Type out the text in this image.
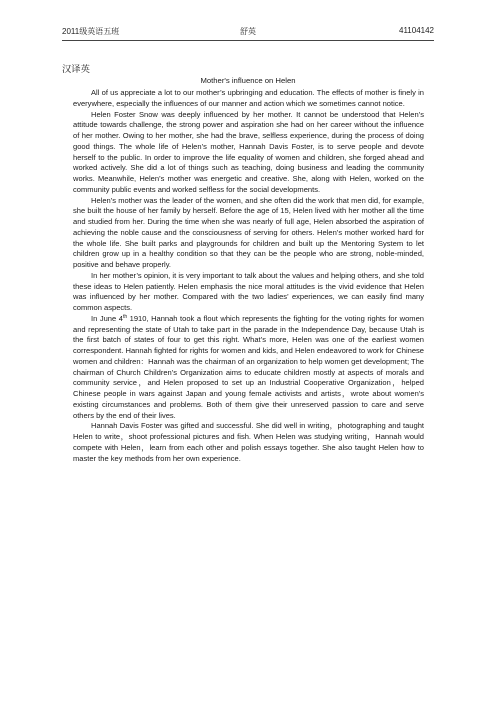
2011级英语五班	舒英	41104142
汉译英
Mother's influence on Helen

All of us appreciate a lot to our mother’s upbringing and education. The effects of mother is finely in everywhere, especially the influences of our manner and action which we sometimes cannot notice.

Helen Foster Snow was deeply influenced by her mother. It cannot be understood that Helen’s attitude towards challenge, the strong power and aspiration she had on her career without the influence of her mother. Owing to her mother, she had the brave, selfless experience, during the process of doing good things. The whole life of Helen’s mother, Hannah Davis Foster, is to serve people and devote herself to the public. In order to improve the life equality of women and children, she forged ahead and worked actively. She did a lot of things such as teaching, doing business and leading the community works. Meanwhile, Helen’s mother was energetic and creative. She, along with Helen, worked on the community public events and worked selfless for the social developments.

Helen’s mother was the leader of the women, and she often did the work that men did, for example, she built the house of her family by herself. Before the age of 15, Helen lived with her mother all the time and studied from her. During the time when she was nearly of full age, Helen absorbed the aspiration of achieving the noble cause and the consciousness of serving for others. Helen’s mother worked hard for the whole life. She built parks and playgrounds for children and built up the Mentoring System to let children grow up in a healthy condition so that they can be the people who are strong, noble-minded, positive and behave properly.

In her mother’s opinion, it is very important to talk about the values and helping others, and she told these ideas to Helen patiently. Helen emphasis the nice moral attitudes is the vivid evidence that Helen was influenced by her mother. Compared with the two ladies’ experiences, we can easily find many common aspects.

In June 4th 1910, Hannah took a flout which represents the fighting for the voting rights for women and representing the state of Utah to take part in the parade in the Independence Day, because Utah is the first batch of states of four to get this right. What’s more, Helen was one of the earliest women correspondent. Hannah fighted for rights for women and kids, and Helen endeavored to work for Chinese women and children：Hannah was the chairman of an organization to help women get development; The chairman of Church Children’s Organization aims to educate children mostly at aspects of morals and community service，and Helen proposed to set up an Industrial Cooperative Organization，helped Chinese people in wars against Japan and young female activists and artists，wrote about women's existing circumstances and problems. Both of them give their unreserved passion to care and serve others by the end of their lives.

Hannah Davis Foster was gifted and successful. She did well in writing，photographing and taught Helen to write，shoot professional pictures and fish. When Helen was studying writing，Hannah would compete with Helen，learn from each other and polish essays together. She also taught Helen how to master the key methods from her own experience.
